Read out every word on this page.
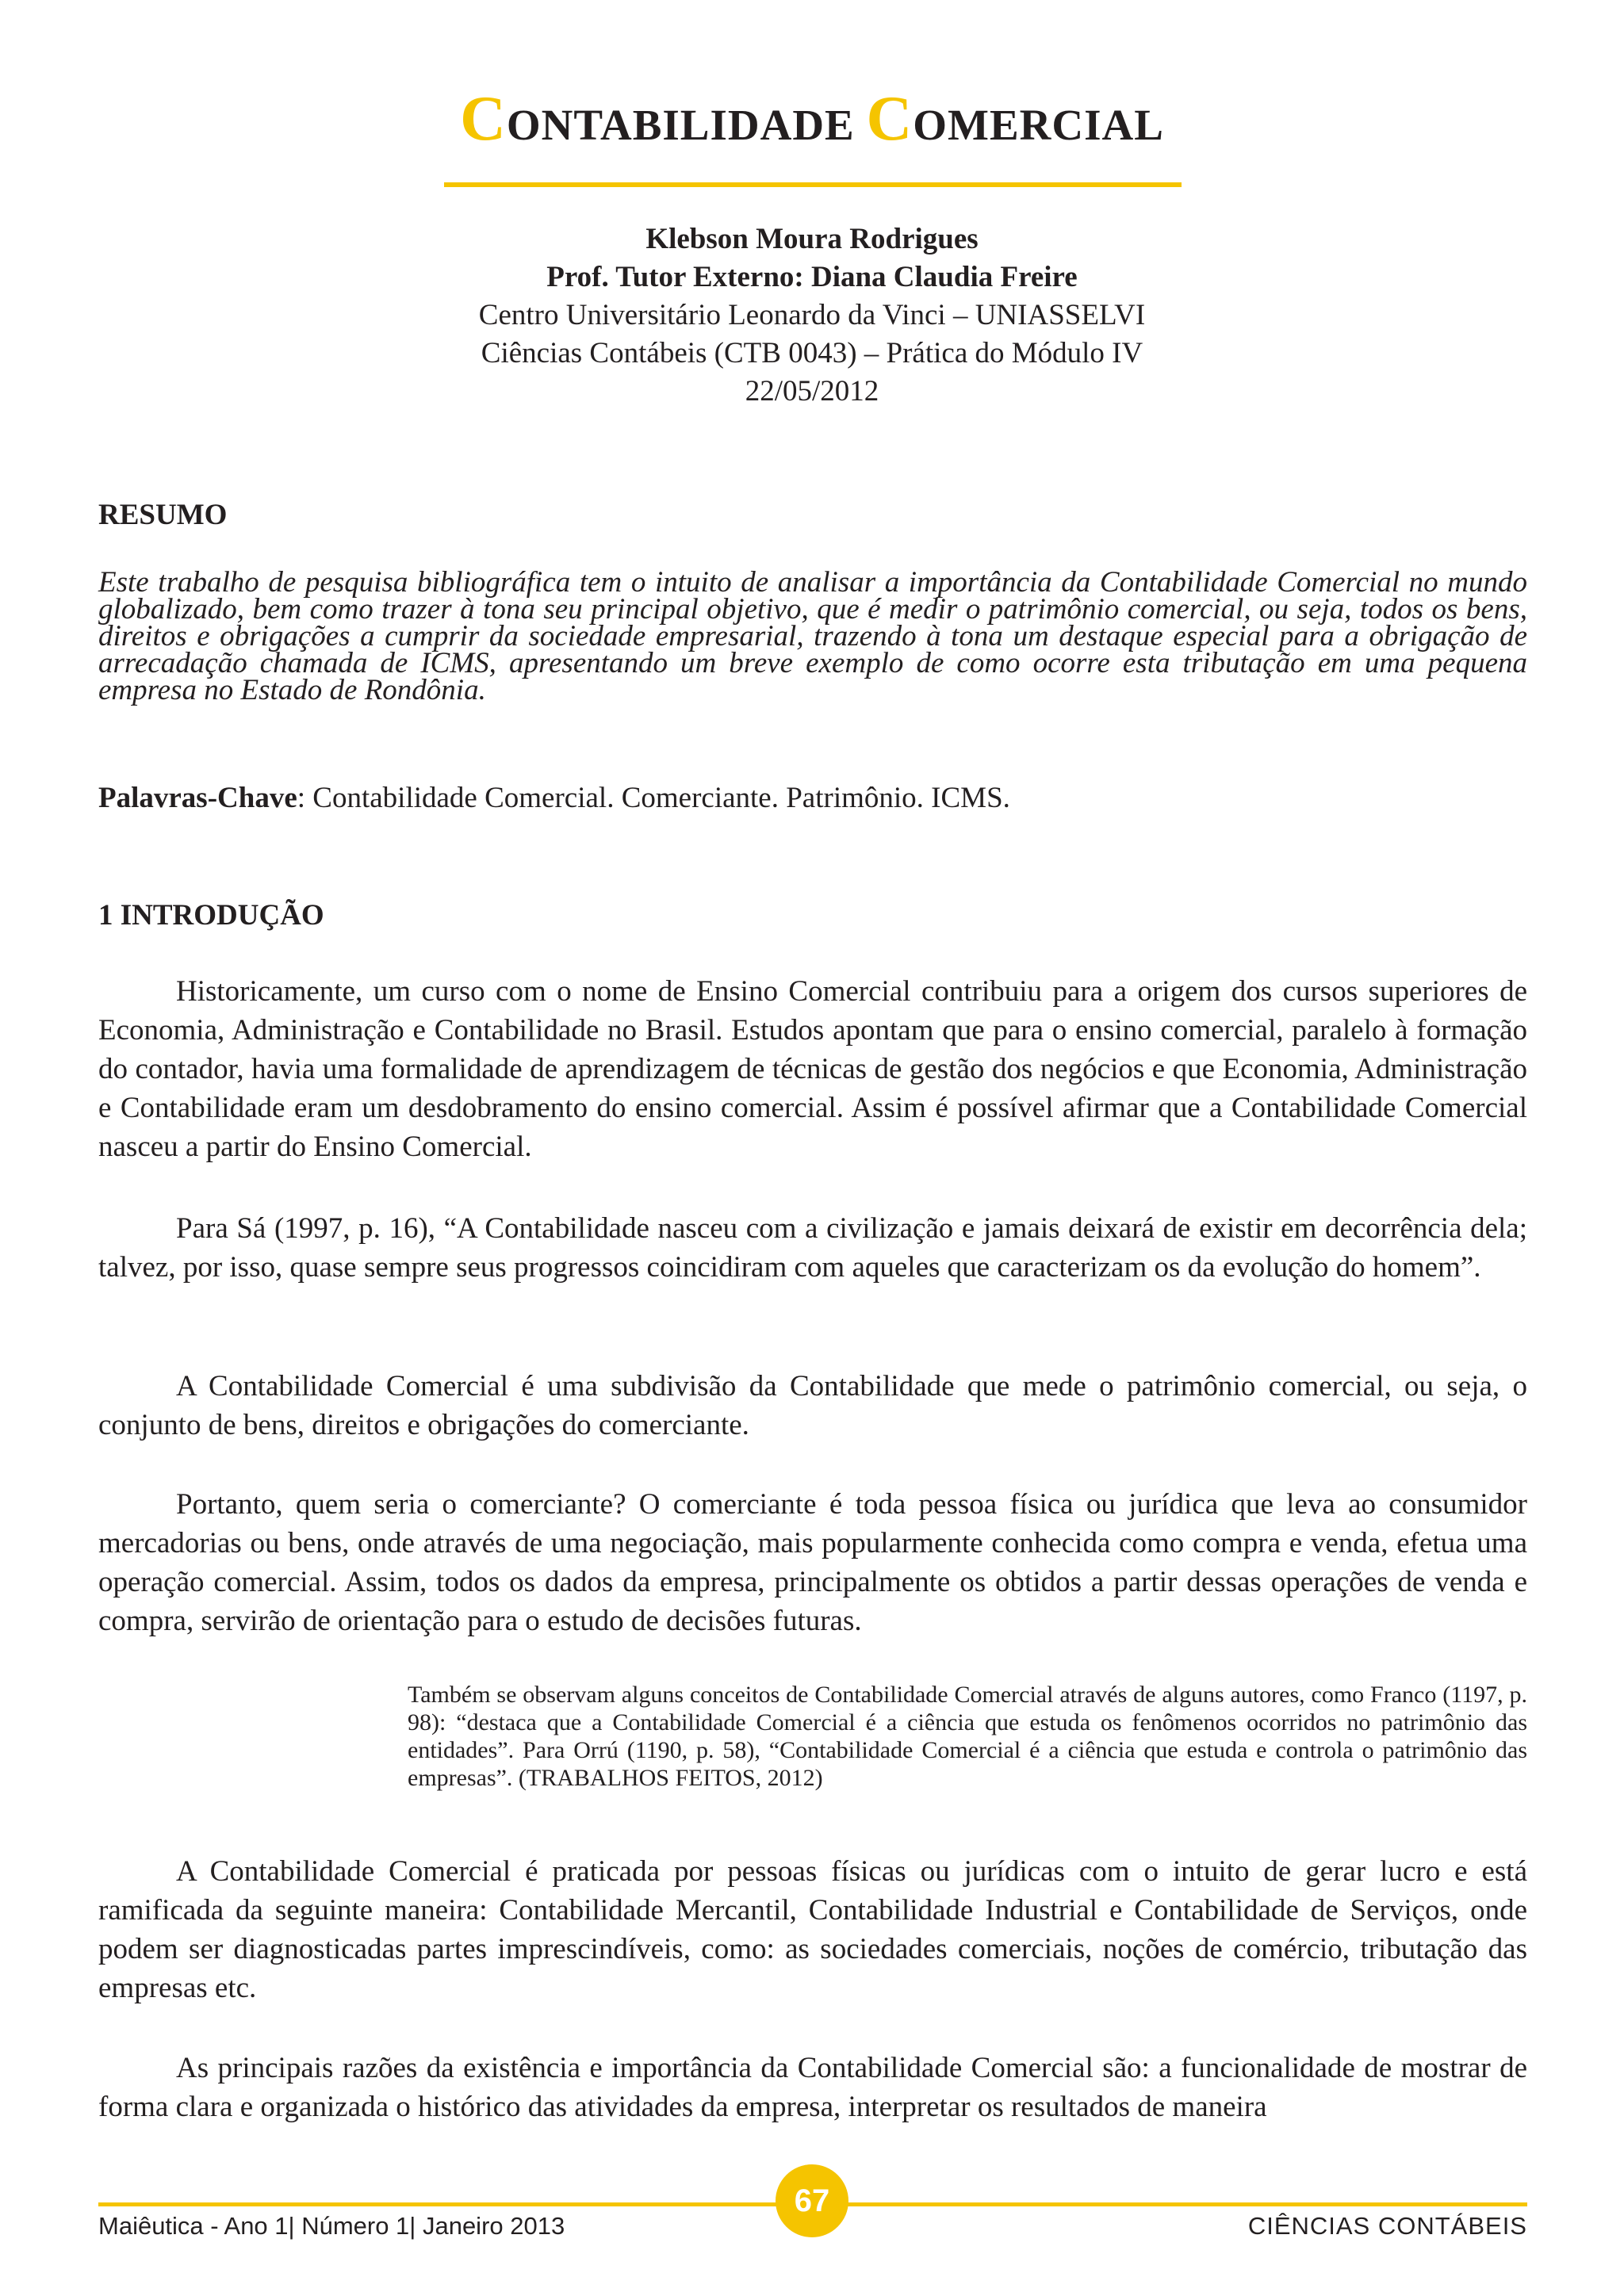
CONTABILIDADE COMERCIAL
Klebson Moura Rodrigues
Prof. Tutor Externo: Diana Claudia Freire
Centro Universitário Leonardo da Vinci – UNIASSELVI
Ciências Contábeis (CTB 0043) – Prática do Módulo IV
22/05/2012
RESUMO
Este trabalho de pesquisa bibliográfica tem o intuito de analisar a importância da Contabilidade Comercial no mundo globalizado, bem como trazer à tona seu principal objetivo, que é medir o patrimônio comercial, ou seja, todos os bens, direitos e obrigações a cumprir da sociedade empresarial, trazendo à tona um destaque especial para a obrigação de arrecadação chamada de ICMS, apresentando um breve exemplo de como ocorre esta tributação em uma pequena empresa no Estado de Rondônia.
Palavras-Chave: Contabilidade Comercial. Comerciante. Patrimônio. ICMS.
1 INTRODUÇÃO

Historicamente, um curso com o nome de Ensino Comercial contribuiu para a origem dos cursos superiores de Economia, Administração e Contabilidade no Brasil. Estudos apontam que para o ensino comercial, paralelo à formação do contador, havia uma formalidade de aprendizagem de técnicas de gestão dos negócios e que Economia, Administração e Contabilidade eram um desdobramento do ensino comercial. Assim é possível afirmar que a Contabilidade Comercial nasceu a partir do Ensino Comercial.

Para Sá (1997, p. 16), “A Contabilidade nasceu com a civilização e jamais deixará de existir em decorrência dela; talvez, por isso, quase sempre seus progressos coincidiram com aqueles que caracterizam os da evolução do homem”.

A Contabilidade Comercial é uma subdivisão da Contabilidade que mede o patrimônio comercial, ou seja, o conjunto de bens, direitos e obrigações do comerciante.

Portanto, quem seria o comerciante? O comerciante é toda pessoa física ou jurídica que leva ao consumidor mercadorias ou bens, onde através de uma negociação, mais popularmente conhecida como compra e venda, efetua uma operação comercial. Assim, todos os dados da empresa, principalmente os obtidos a partir dessas operações de venda e compra, servirão de orientação para o estudo de decisões futuras.

Também se observam alguns conceitos de Contabilidade Comercial através de alguns autores, como Franco (1197, p. 98): “destaca que a Contabilidade Comercial é a ciência que estuda os fenômenos ocorridos no patrimônio das entidades”. Para Orrú (1190, p. 58), “Contabilidade Comercial é a ciência que estuda e controla o patrimônio das empresas”. (TRABALHOS FEITOS, 2012)

A Contabilidade Comercial é praticada por pessoas físicas ou jurídicas com o intuito de gerar lucro e está ramificada da seguinte maneira: Contabilidade Mercantil, Contabilidade Industrial e Contabilidade de Serviços, onde podem ser diagnosticadas partes imprescindíveis, como: as sociedades comerciais, noções de comércio, tributação das empresas etc.

As principais razões da existência e importância da Contabilidade Comercial são: a funcionalidade de mostrar de forma clara e organizada o histórico das atividades da empresa, interpretar os resultados de maneira

67
Maiêutica - Ano 1| Número 1| Janeiro 2013	CIÊNCIAS CONTÁBEIS
